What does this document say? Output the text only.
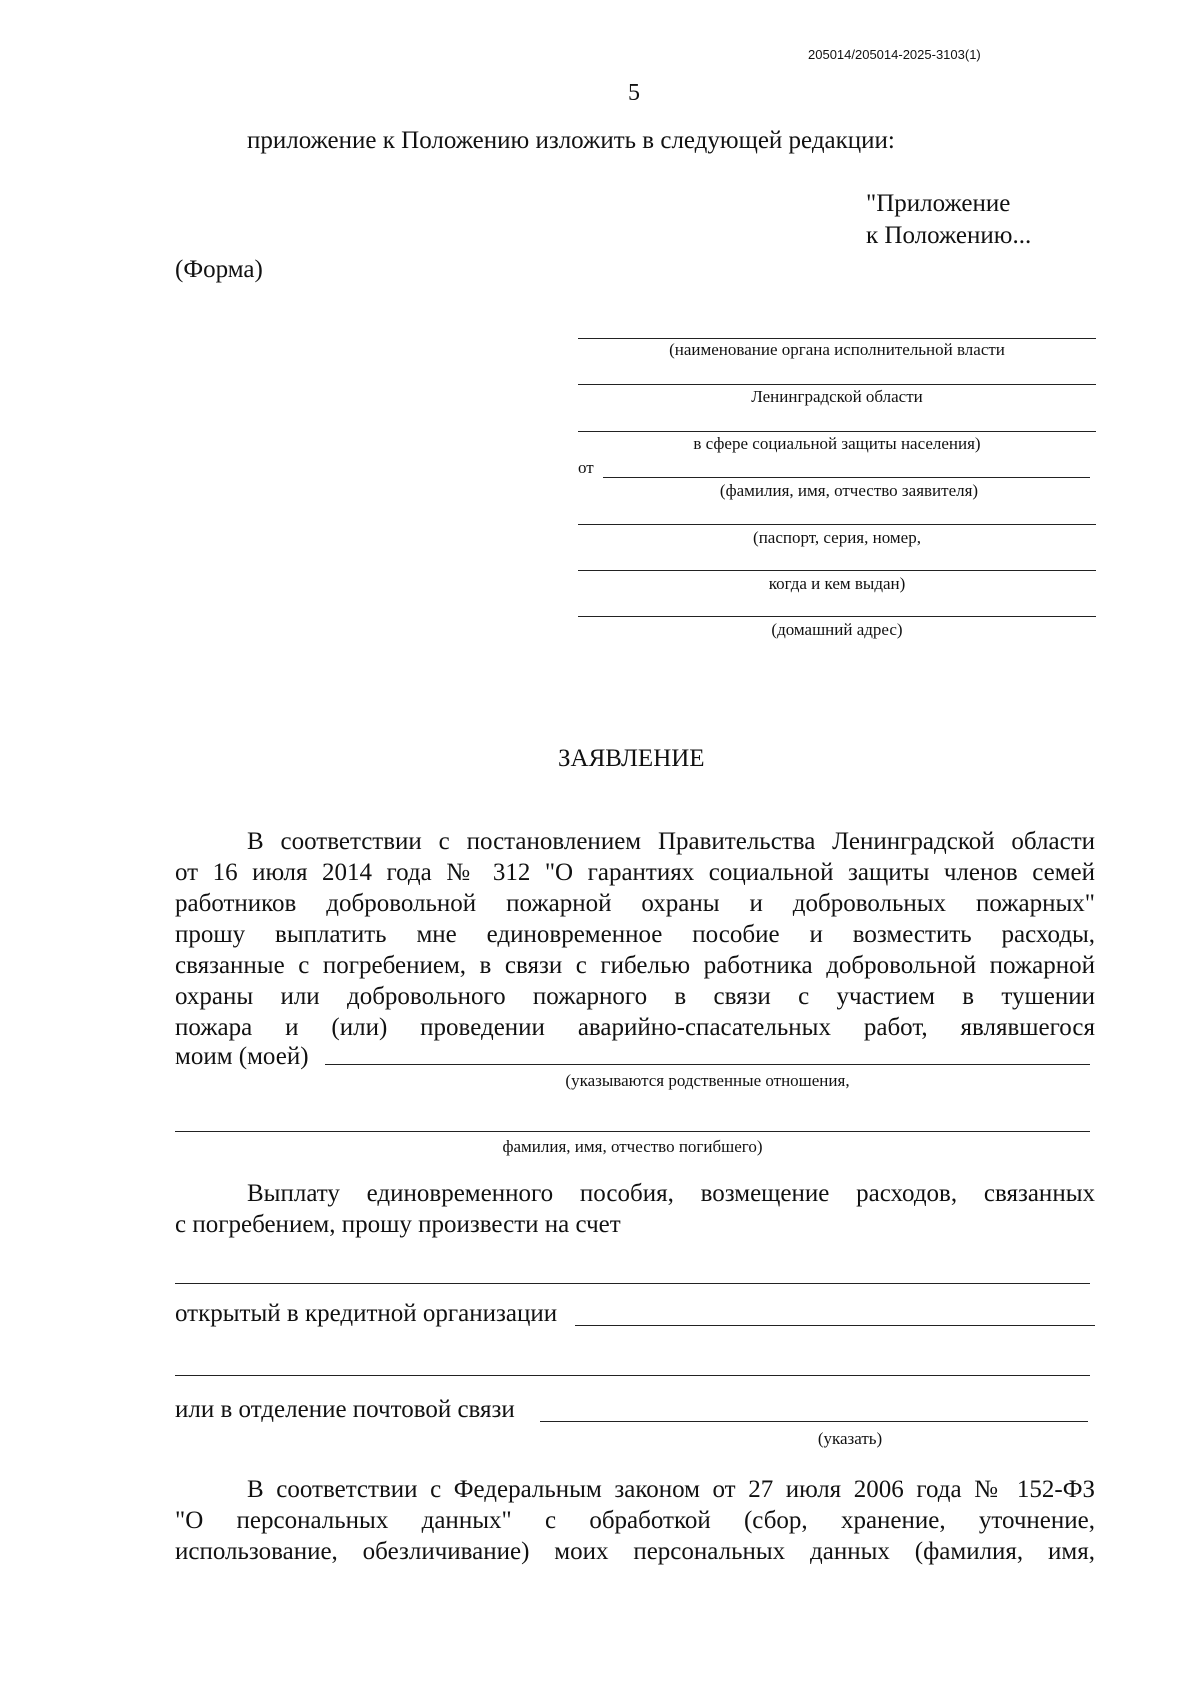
205014/205014-2025-3103(1)
5
приложение к Положению изложить в следующей редакции:
"Приложение
к Положению...
(Форма)
(наименование органа исполнительной власти
Ленинградской области
в сфере социальной защиты населения)
от
(фамилия, имя, отчество заявителя)
(паспорт, серия, номер,
когда и кем выдан)
(домашний адрес)
ЗАЯВЛЕНИЕ
В соответствии с постановлением Правительства Ленинградской области
от 16 июля 2014 года № 312 "О гарантиях социальной защиты членов семей
работников добровольной пожарной охраны и добровольных пожарных"
прошу выплатить мне единовременное пособие и возместить расходы,
связанные с погребением, в связи с гибелью работника добровольной пожарной
охраны или добровольного пожарного в связи с участием в тушении
пожара и (или) проведении аварийно-спасательных работ, являвшегося
моим (моей)
(указываются родственные отношения,
фамилия, имя, отчество погибшего)
Выплату единовременного пособия, возмещение расходов, связанных
с погребением, прошу произвести на счет
открытый в кредитной организации
или в отделение почтовой связи
(указать)
В соответствии с Федеральным законом от 27 июля 2006 года № 152-ФЗ
"О персональных данных" с обработкой (сбор, хранение, уточнение,
использование, обезличивание) моих персональных данных (фамилия, имя,
